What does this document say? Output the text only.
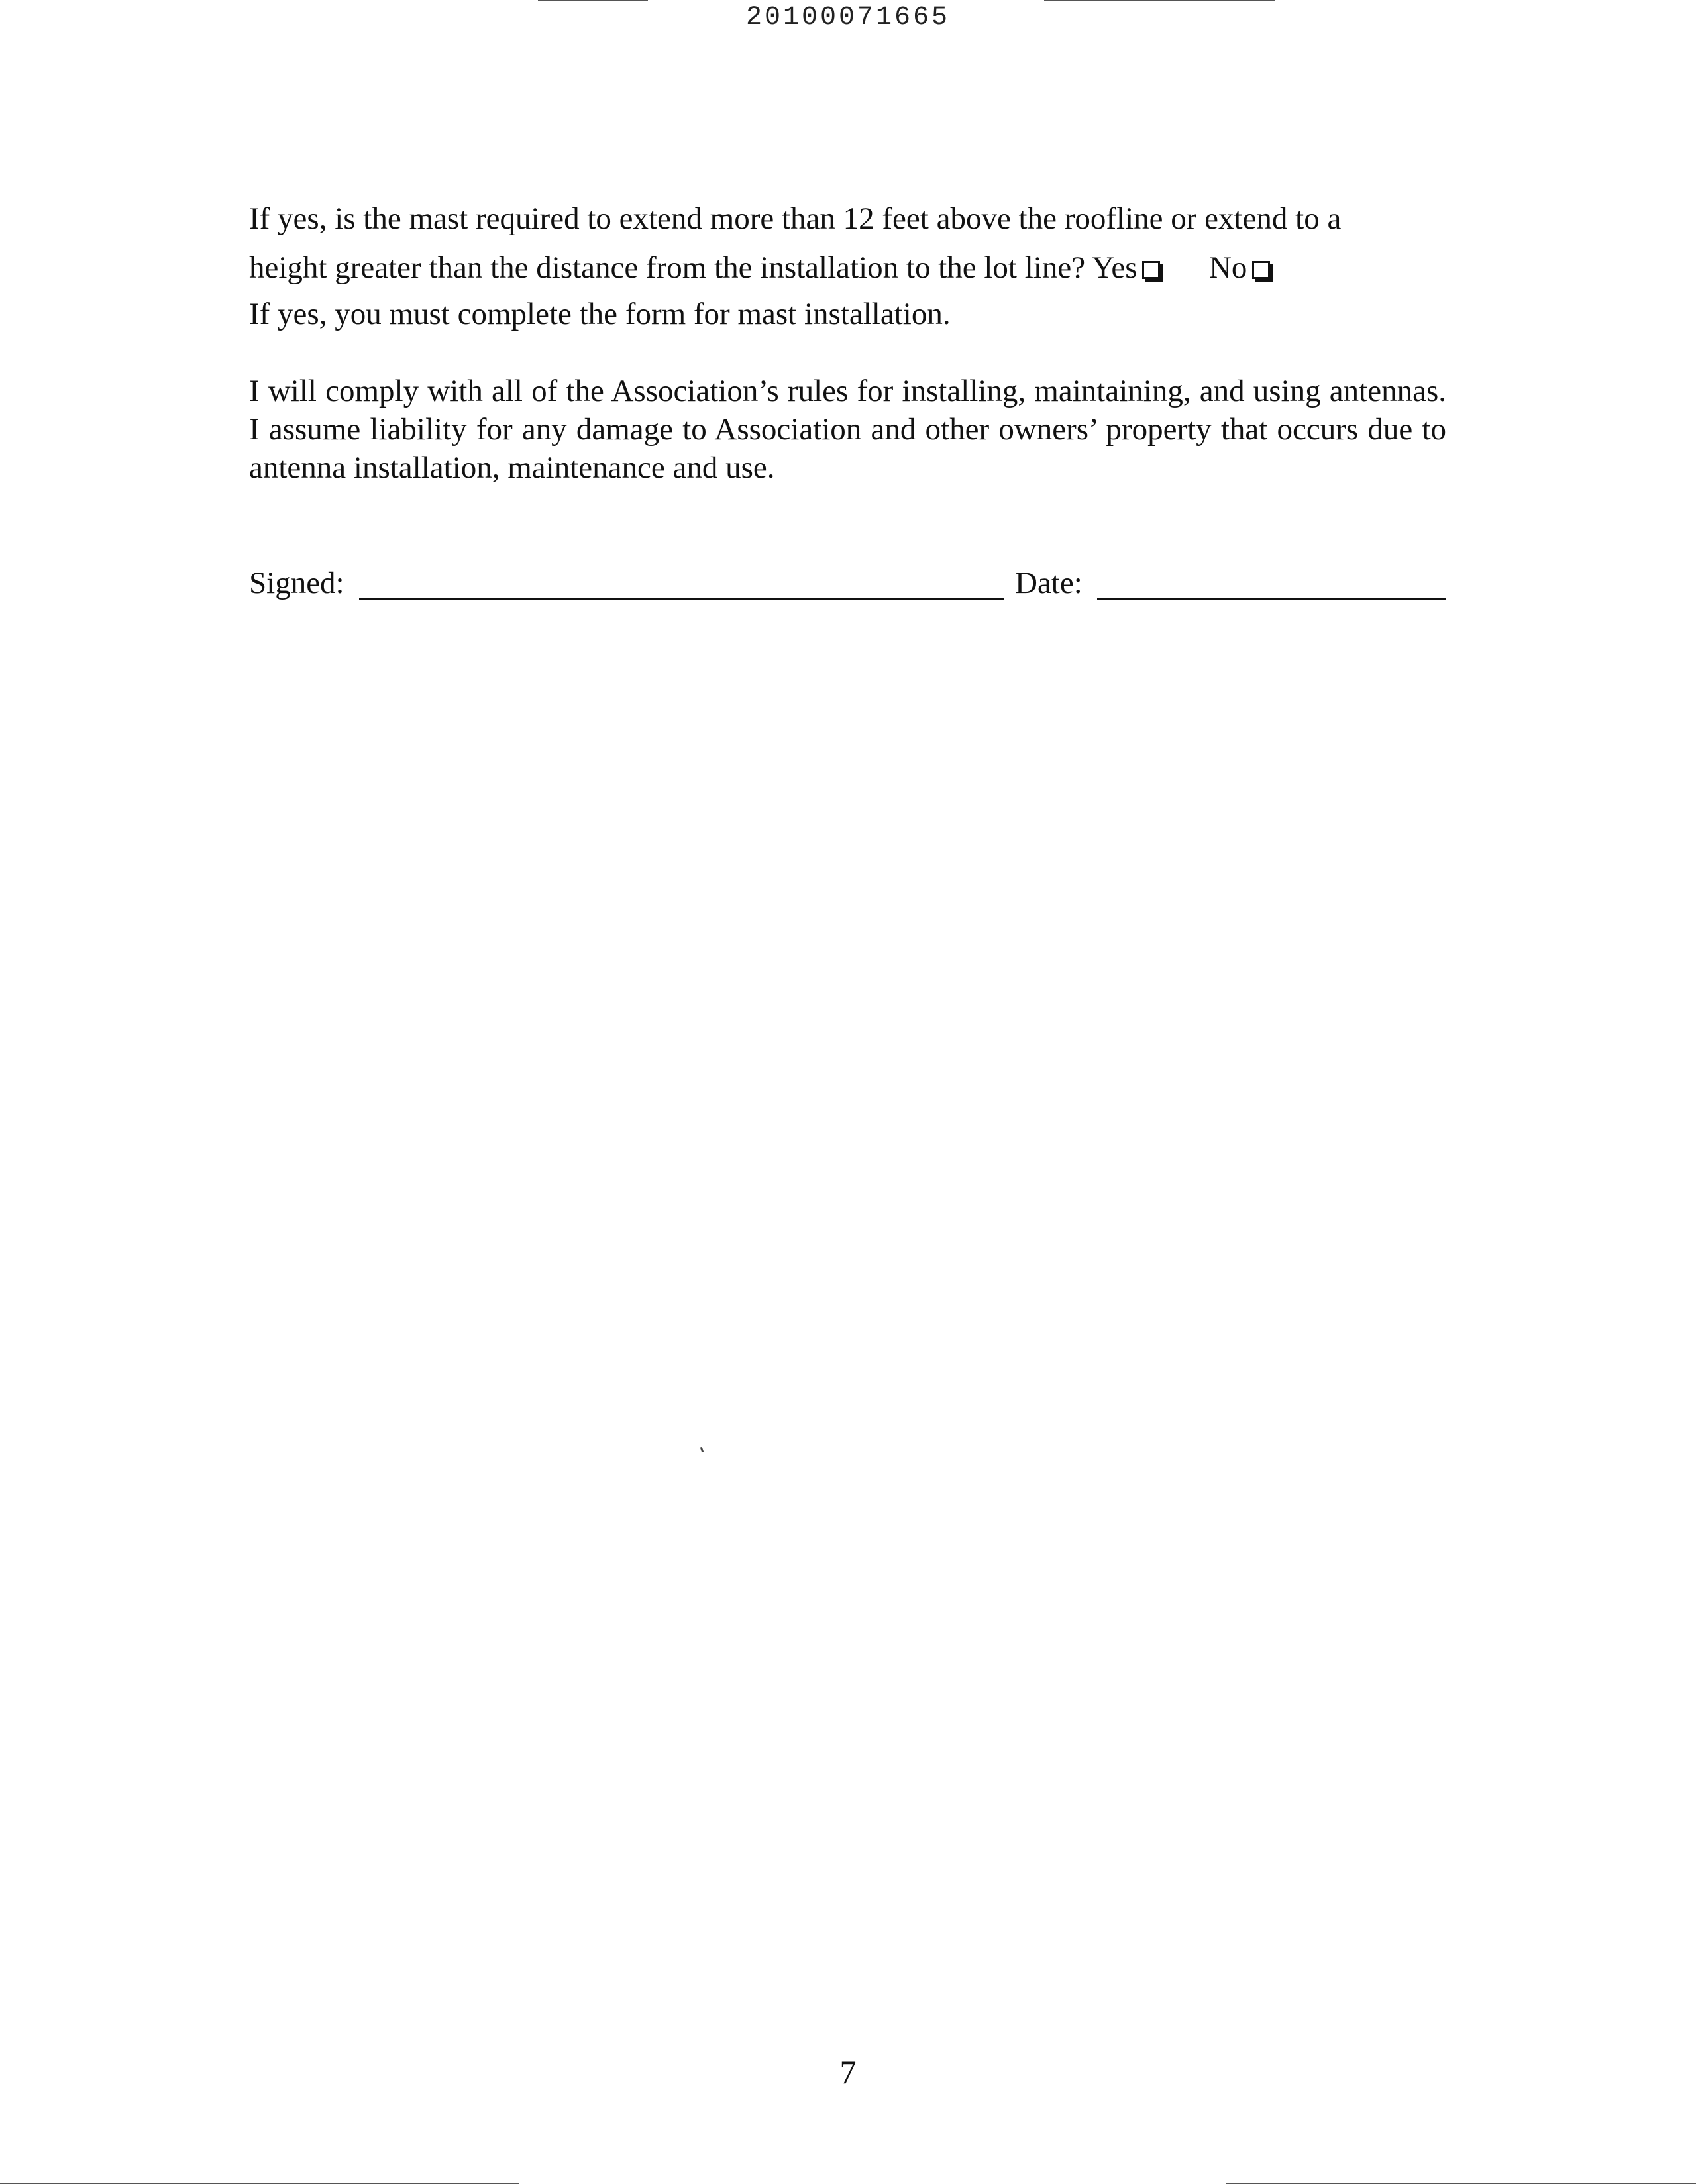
20100071665
If yes, is the mast required to extend more than 12 feet above the roofline or extend to a
height greater than the distance from the installation to the lot line? Yes No
If yes, you must complete the form for mast installation.
I will comply with all of the Association’s rules for installing, maintaining, and using antennas. I assume liability for any damage to Association and other owners’ property that occurs due to antenna installation, maintenance and use.
Signed:	Date:
7
